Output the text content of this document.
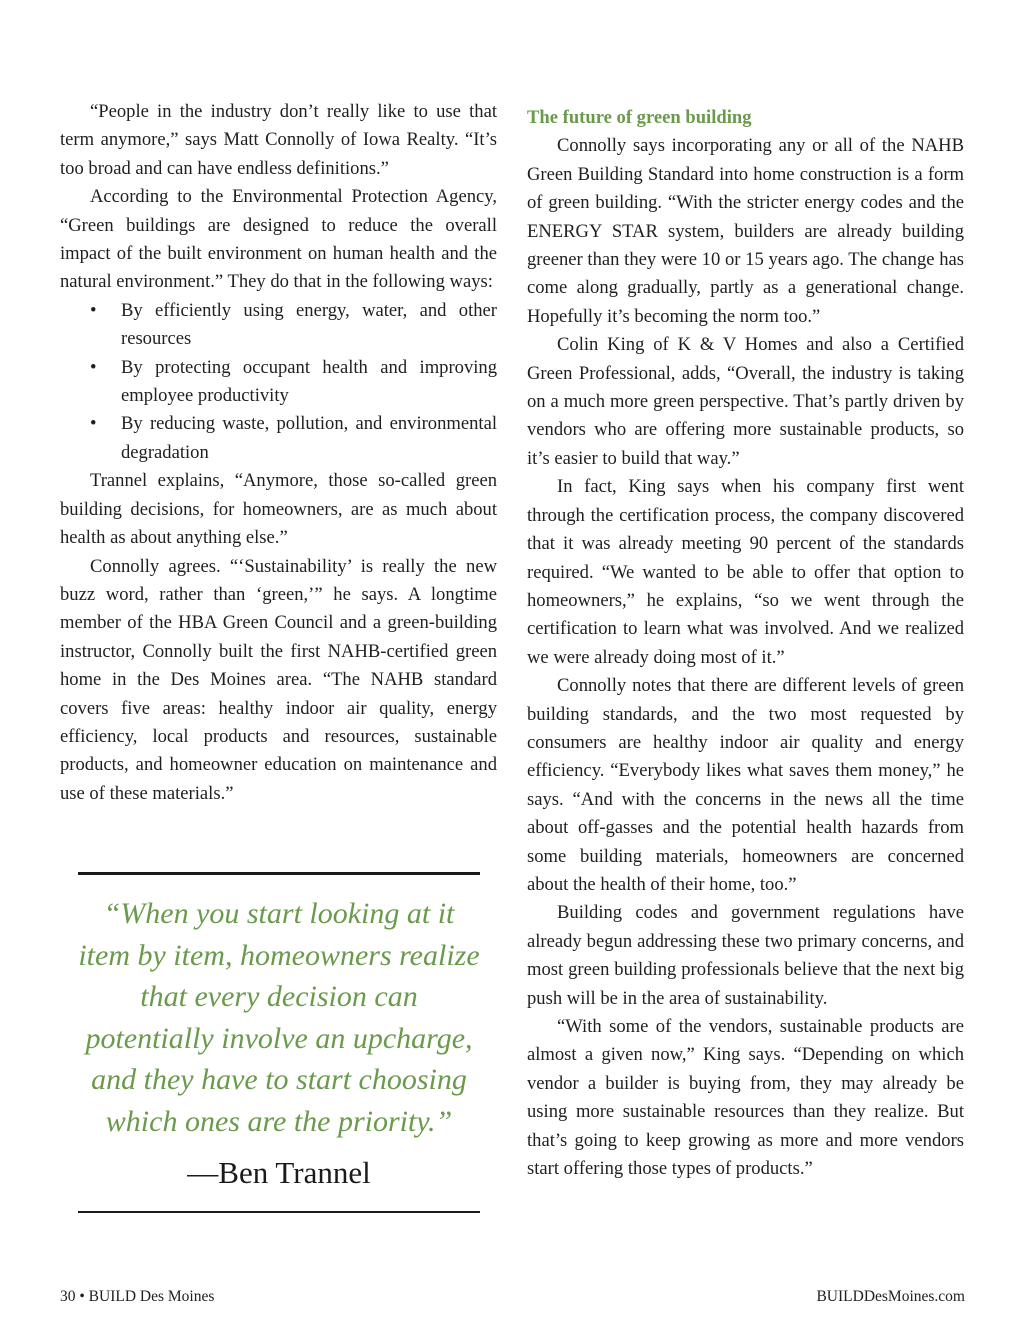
“People in the industry don’t really like to use that term anymore,” says Matt Connolly of Iowa Realty. “It’s too broad and can have endless definitions.”

According to the Environmental Protection Agency, “Green buildings are designed to reduce the overall impact of the built environment on human health and the natural environment.” They do that in the following ways:

• By efficiently using energy, water, and other resources
• By protecting occupant health and improving employee productivity
• By reducing waste, pollution, and environmental degradation

Trannel explains, “Anymore, those so-called green building decisions, for homeowners, are as much about health as about anything else.”

Connolly agrees. “‘Sustainability’ is really the new buzz word, rather than ‘green,’” he says. A longtime member of the HBA Green Council and a green-building instructor, Connolly built the first NAHB-certified green home in the Des Moines area. “The NAHB standard covers five areas: healthy indoor air quality, energy efficiency, local products and resources, sustainable products, and homeowner education on maintenance and use of these materials.”

“When you start looking at it item by item, homeowners realize that every decision can potentially involve an upcharge, and they have to start choosing which ones are the priority.”
—Ben Trannel
The future of green building

Connolly says incorporating any or all of the NAHB Green Building Standard into home construction is a form of green building. “With the stricter energy codes and the ENERGY STAR system, builders are already building greener than they were 10 or 15 years ago. The change has come along gradually, partly as a generational change. Hopefully it’s becoming the norm too.”

Colin King of K & V Homes and also a Certified Green Professional, adds, “Overall, the industry is taking on a much more green perspective. That’s partly driven by vendors who are offering more sustainable products, so it’s easier to build that way.”

In fact, King says when his company first went through the certification process, the company discovered that it was already meeting 90 percent of the standards required. “We wanted to be able to offer that option to homeowners,” he explains, “so we went through the certification to learn what was involved. And we realized we were already doing most of it.”

Connolly notes that there are different levels of green building standards, and the two most requested by consumers are healthy indoor air quality and energy efficiency. “Everybody likes what saves them money,” he says. “And with the concerns in the news all the time about off-gasses and the potential health hazards from some building materials, homeowners are concerned about the health of their home, too.”

Building codes and government regulations have already begun addressing these two primary concerns, and most green building professionals believe that the next big push will be in the area of sustainability.

“With some of the vendors, sustainable products are almost a given now,” King says. “Depending on which vendor a builder is buying from, they may already be using more sustainable resources than they realize. But that’s going to keep growing as more and more vendors start offering those types of products.”

30 • BUILD Des Moines	BUILDDesMoines.com
